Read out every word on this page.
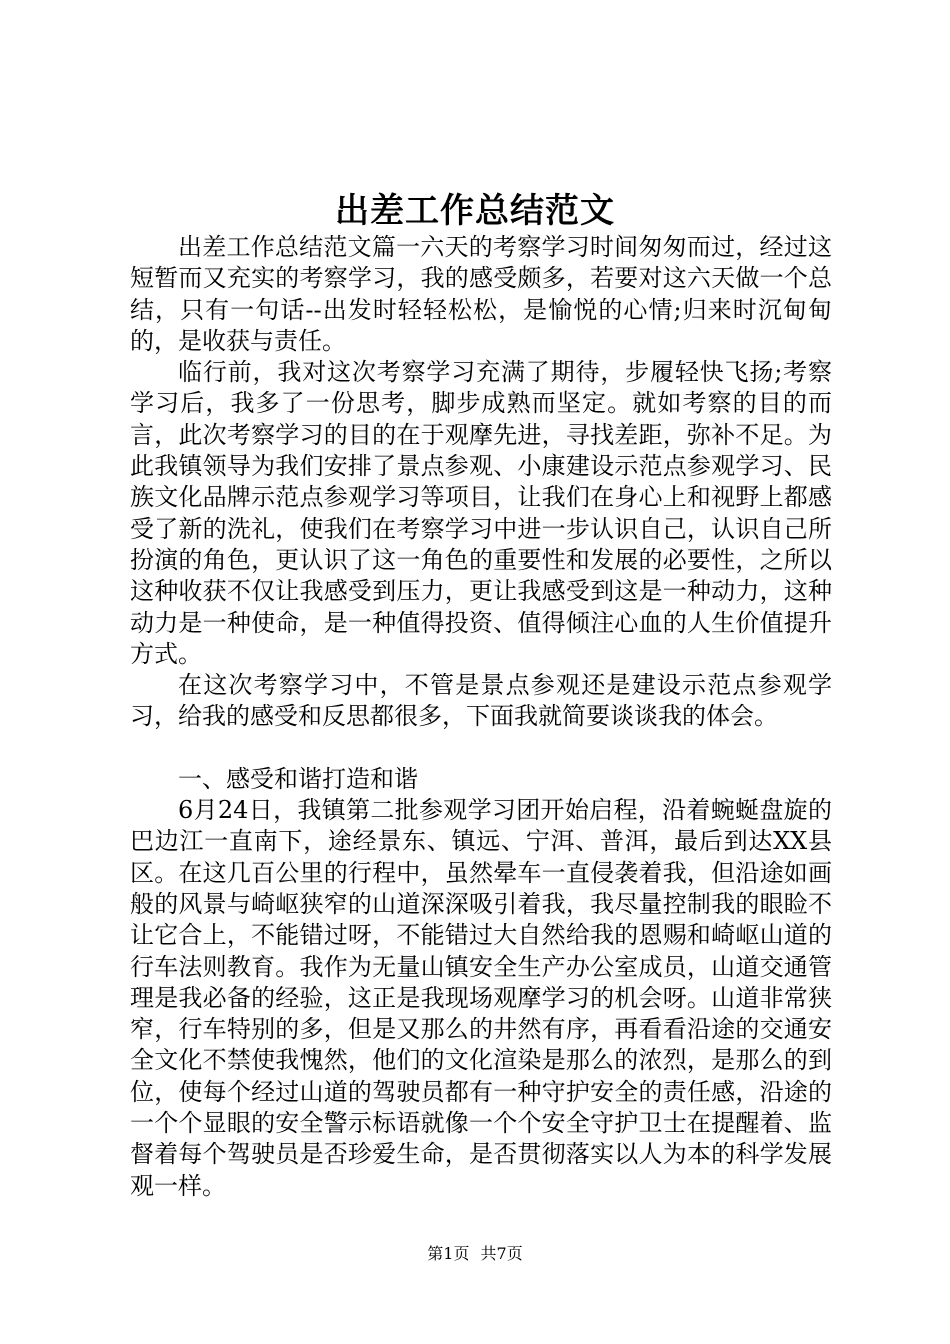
出差工作总结范文

出差工作总结范文篇一六天的考察学习时间匆匆而过，经过这短暂而又充实的考察学习，我的感受颇多，若要对这六天做一个总结，只有一句话--出发时轻轻松松，是愉悦的心情;归来时沉甸甸的，是收获与责任。

临行前，我对这次考察学习充满了期待，步履轻快飞扬;考察学习后，我多了一份思考，脚步成熟而坚定。就如考察的目的而言，此次考察学习的目的在于观摩先进，寻找差距，弥补不足。为此我镇领导为我们安排了景点参观、小康建设示范点参观学习、民族文化品牌示范点参观学习等项目，让我们在身心上和视野上都感受了新的洗礼，使我们在考察学习中进一步认识自己，认识自己所扮演的角色，更认识了这一角色的重要性和发展的必要性，之所以这种收获不仅让我感受到压力，更让我感受到这是一种动力，这种动力是一种使命，是一种值得投资、值得倾注心血的人生价值提升方式。

在这次考察学习中，不管是景点参观还是建设示范点参观学习，给我的感受和反思都很多，下面我就简要谈谈我的体会。

一、感受和谐打造和谐

6月24日，我镇第二批参观学习团开始启程，沿着蜿蜒盘旋的巴边江一直南下，途经景东、镇远、宁洱、普洱，最后到达XX县区。在这几百公里的行程中，虽然晕车一直侵袭着我，但沿途如画般的风景与崎岖狭窄的山道深深吸引着我，我尽量控制我的眼睑不让它合上，不能错过呀，不能错过大自然给我的恩赐和崎岖山道的行车法则教育。我作为无量山镇安全生产办公室成员，山道交通管理是我必备的经验，这正是我现场观摩学习的机会呀。山道非常狭窄，行车特别的多，但是又那么的井然有序，再看看沿途的交通安全文化不禁使我愧然，他们的文化渲染是那么的浓烈，是那么的到位，使每个经过山道的驾驶员都有一种守护安全的责任感，沿途的一个个显眼的安全警示标语就像一个个安全守护卫士在提醒着、监督着每个驾驶员是否珍爱生命，是否贯彻落实以人为本的科学发展观一样。

第1页 共7页
